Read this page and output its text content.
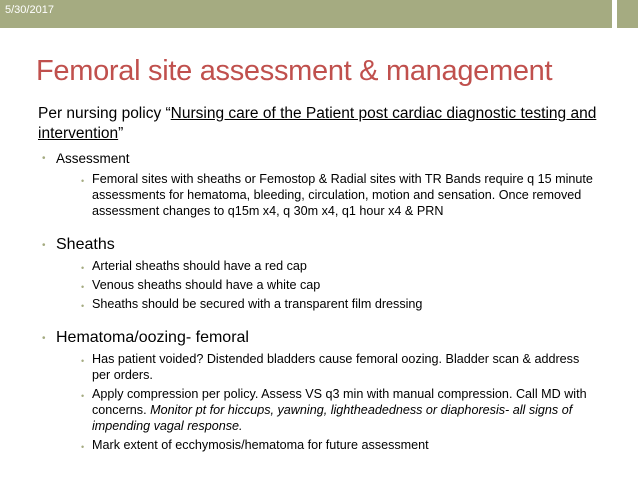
5/30/2017
Femoral site assessment & management

Per nursing policy “Nursing care of the Patient post cardiac diagnostic testing and intervention”

• Assessment
• Femoral sites with sheaths or Femostop & Radial sites with TR Bands require q 15 minute assessments for hematoma, bleeding, circulation, motion and sensation. Once removed assessment changes to q15m x4, q 30m x4, q1 hour x4 & PRN
• Sheaths
• Arterial sheaths should have a red cap
• Venous sheaths should have a white cap
• Sheaths should be secured with a transparent film dressing
• Hematoma/oozing- femoral
• Has patient voided? Distended bladders cause femoral oozing. Bladder scan & address per orders.
• Apply compression per policy. Assess VS q3 min with manual compression. Call MD with concerns. Monitor pt for hiccups, yawning, lightheadedness or diaphoresis- all signs of impending vagal response.
• Mark extent of ecchymosis/hematoma for future assessment
